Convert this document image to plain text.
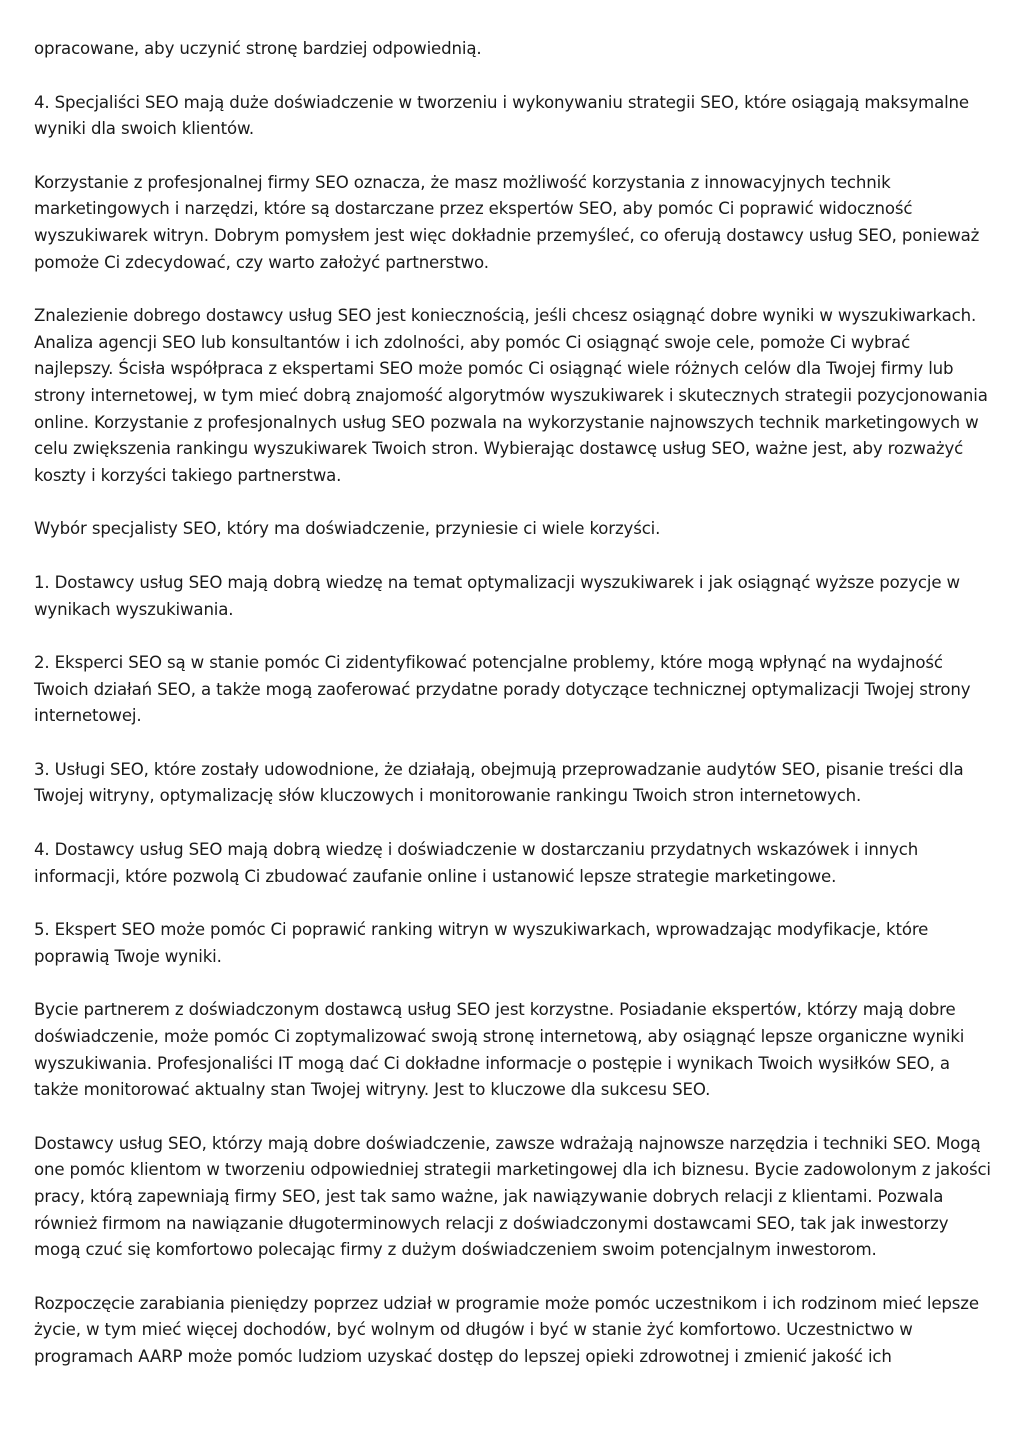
opracowane, aby uczynić stronę bardziej odpowiednią.

4. Specjaliści SEO mają duże doświadczenie w tworzeniu i wykonywaniu strategii SEO, które osiągają maksymalne wyniki dla swoich klientów.

Korzystanie z profesjonalnej firmy SEO oznacza, że masz możliwość korzystania z innowacyjnych technik marketingowych i narzędzi, które są dostarczane przez ekspertów SEO, aby pomóc Ci poprawić widoczność wyszukiwarek witryn. Dobrym pomysłem jest więc dokładnie przemyśleć, co oferują dostawcy usług SEO, ponieważ pomoże Ci zdecydować, czy warto założyć partnerstwo.

Znalezienie dobrego dostawcy usług SEO jest koniecznością, jeśli chcesz osiągnąć dobre wyniki w wyszukiwarkach. Analiza agencji SEO lub konsultantów i ich zdolności, aby pomóc Ci osiągnąć swoje cele, pomoże Ci wybrać najlepszy. Ścisła współpraca z ekspertami SEO może pomóc Ci osiągnąć wiele różnych celów dla Twojej firmy lub strony internetowej, w tym mieć dobrą znajomość algorytmów wyszukiwarek i skutecznych strategii pozycjonowania online. Korzystanie z profesjonalnych usług SEO pozwala na wykorzystanie najnowszych technik marketingowych w celu zwiększenia rankingu wyszukiwarek Twoich stron. Wybierając dostawcę usług SEO, ważne jest, aby rozważyć koszty i korzyści takiego partnerstwa.

Wybór specjalisty SEO, który ma doświadczenie, przyniesie ci wiele korzyści.

1. Dostawcy usług SEO mają dobrą wiedzę na temat optymalizacji wyszukiwarek i jak osiągnąć wyższe pozycje w wynikach wyszukiwania.

2. Eksperci SEO są w stanie pomóc Ci zidentyfikować potencjalne problemy, które mogą wpłynąć na wydajność Twoich działań SEO, a także mogą zaoferować przydatne porady dotyczące technicznej optymalizacji Twojej strony internetowej.

3. Usługi SEO, które zostały udowodnione, że działają, obejmują przeprowadzanie audytów SEO, pisanie treści dla Twojej witryny, optymalizację słów kluczowych i monitorowanie rankingu Twoich stron internetowych.

4. Dostawcy usług SEO mają dobrą wiedzę i doświadczenie w dostarczaniu przydatnych wskazówek i innych informacji, które pozwolą Ci zbudować zaufanie online i ustanowić lepsze strategie marketingowe.

5. Ekspert SEO może pomóc Ci poprawić ranking witryn w wyszukiwarkach, wprowadzając modyfikacje, które poprawią Twoje wyniki.

Bycie partnerem z doświadczonym dostawcą usług SEO jest korzystne. Posiadanie ekspertów, którzy mają dobre doświadczenie, może pomóc Ci zoptymalizować swoją stronę internetową, aby osiągnąć lepsze organiczne wyniki wyszukiwania. Profesjonaliści IT mogą dać Ci dokładne informacje o postępie i wynikach Twoich wysiłków SEO, a także monitorować aktualny stan Twojej witryny. Jest to kluczowe dla sukcesu SEO.

Dostawcy usług SEO, którzy mają dobre doświadczenie, zawsze wdrażają najnowsze narzędzia i techniki SEO. Mogą one pomóc klientom w tworzeniu odpowiedniej strategii marketingowej dla ich biznesu. Bycie zadowolonym z jakości pracy, którą zapewniają firmy SEO, jest tak samo ważne, jak nawiązywanie dobrych relacji z klientami. Pozwala również firmom na nawiązanie długoterminowych relacji z doświadczonymi dostawcami SEO, tak jak inwestorzy mogą czuć się komfortowo polecając firmy z dużym doświadczeniem swoim potencjalnym inwestorom.

Rozpoczęcie zarabiania pieniędzy poprzez udział w programie może pomóc uczestnikom i ich rodzinom mieć lepsze życie, w tym mieć więcej dochodów, być wolnym od długów i być w stanie żyć komfortowo. Uczestnictwo w programach AARP może pomóc ludziom uzyskać dostęp do lepszej opieki zdrowotnej i zmienić jakość ich
